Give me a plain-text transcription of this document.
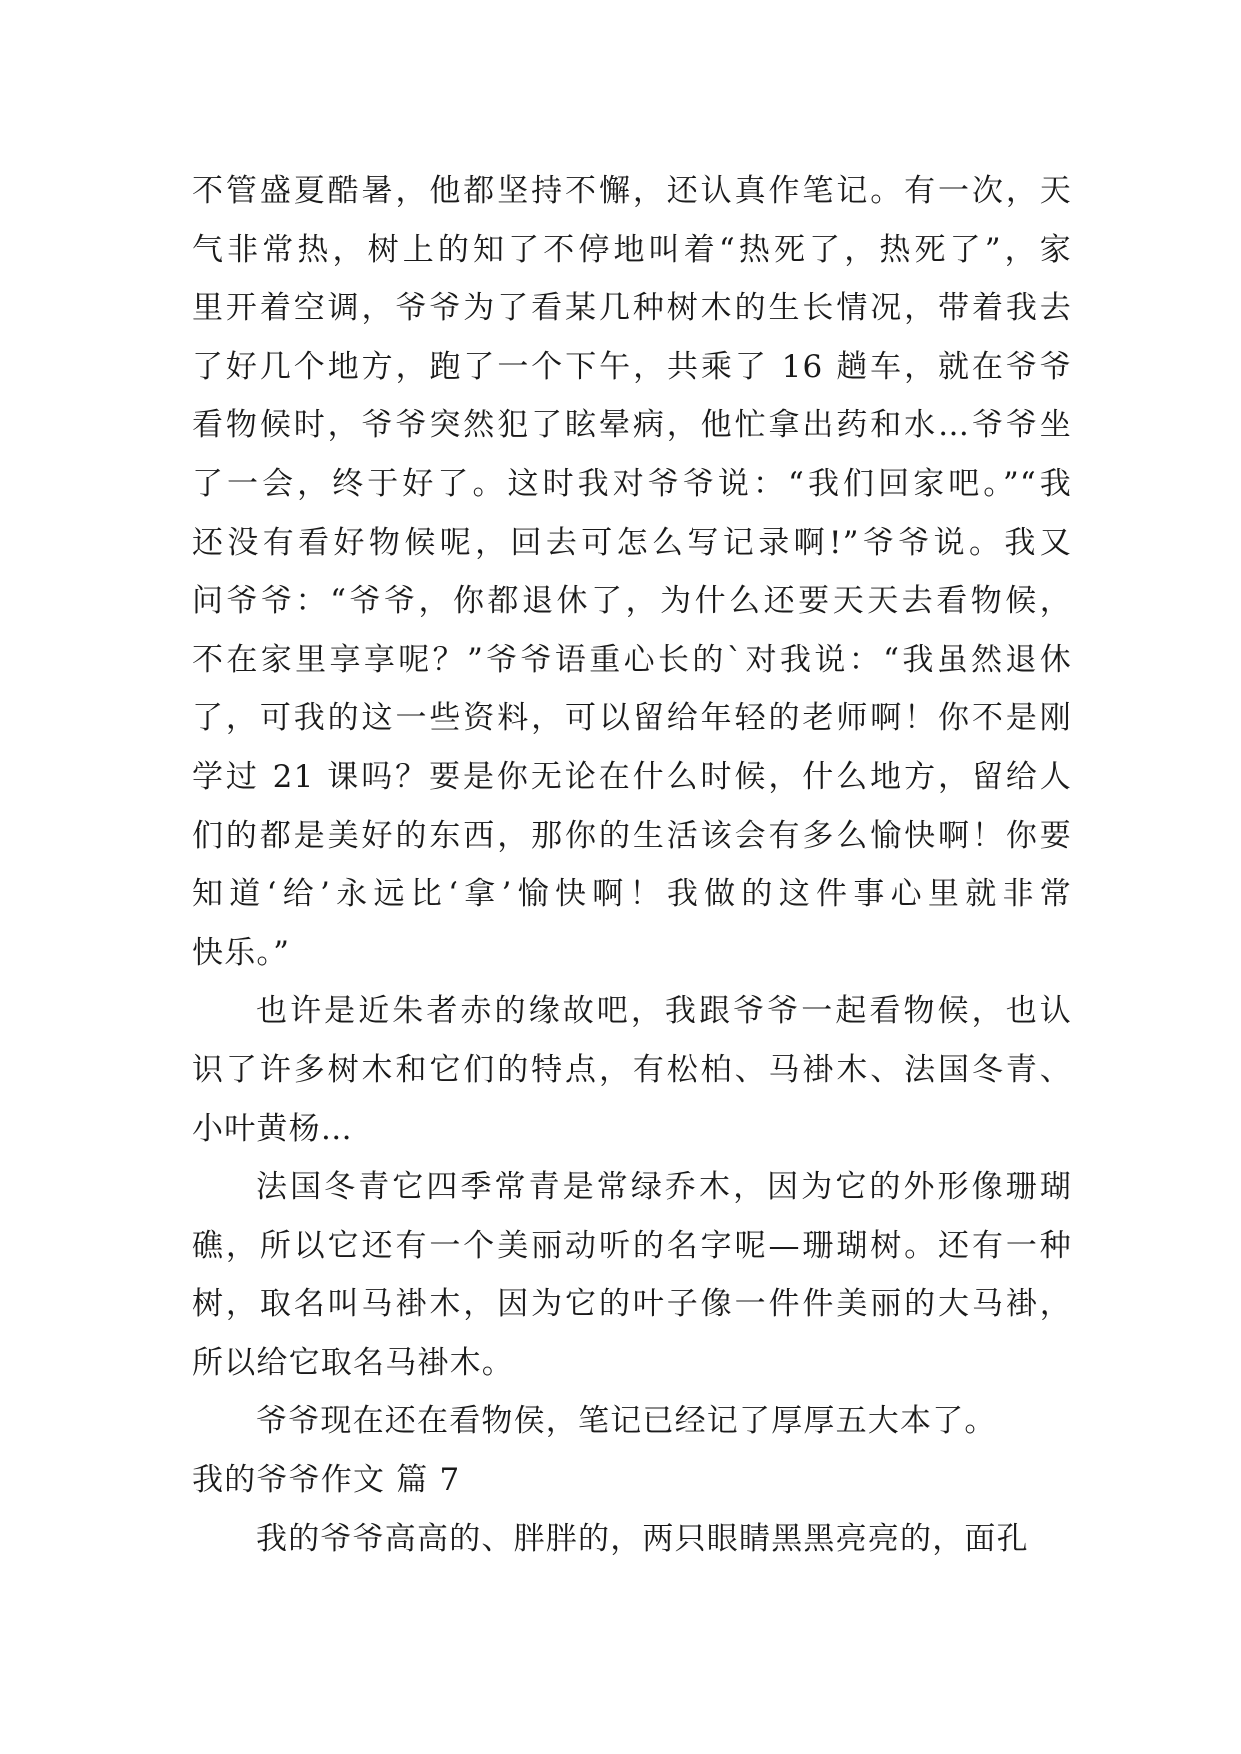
不管盛夏酷暑，他都坚持不懈，还认真作笔记。有一次，天
气非常热，树上的知了不停地叫着“热死了，热死了”，家
里开着空调，爷爷为了看某几种树木的生长情况，带着我去
了好几个地方，跑了一个下午，共乘了 16 趟车，就在爷爷
看物候时，爷爷突然犯了眩晕病，他忙拿出药和水…爷爷坐
了一会，终于好了。这时我对爷爷说：“我们回家吧。”“我
还没有看好物候呢，回去可怎么写记录啊!”爷爷说。我又
问爷爷：“爷爷，你都退休了，为什么还要天天去看物候，
不在家里享享呢？”爷爷语重心长的`对我说：“我虽然退休
了，可我的这一些资料，可以留给年轻的老师啊！你不是刚
学过 21 课吗？要是你无论在什么时候，什么地方，留给人
们的都是美好的东西，那你的生活该会有多么愉快啊！你要
知道‘给’永远比‘拿’愉快啊！我做的这件事心里就非常
快乐。”
也许是近朱者赤的缘故吧，我跟爷爷一起看物候，也认
识了许多树木和它们的特点，有松柏、马褂木、法国冬青、
小叶黄杨…
法国冬青它四季常青是常绿乔木，因为它的外形像珊瑚
礁，所以它还有一个美丽动听的名字呢—珊瑚树。还有一种
树，取名叫马褂木，因为它的叶子像一件件美丽的大马褂，
所以给它取名马褂木。
爷爷现在还在看物侯，笔记已经记了厚厚五大本了。
我的爷爷作文 篇 7
我的爷爷高高的、胖胖的，两只眼睛黑黑亮亮的，面孔
